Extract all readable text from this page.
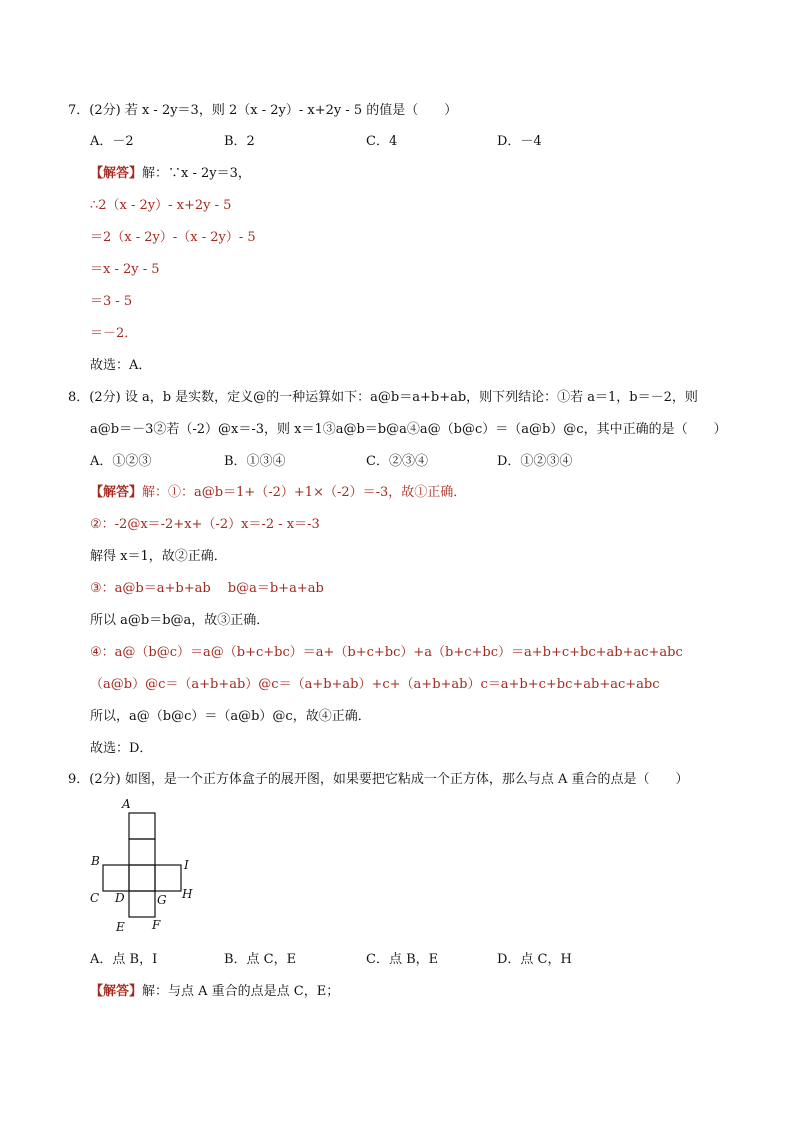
7．(2分) 若 x - 2y＝3，则 2（x - 2y）- x+2y - 5 的值是（　　）
A．－2	B．2	C．4	D．－4
【解答】解：∵x - 2y＝3，
∴2（x - 2y）- x+2y - 5
＝2（x - 2y）-（x - 2y）- 5
＝x - 2y - 5
＝3 - 5
＝－2．
故选：A．
8．(2分) 设 a，b 是实数，定义@的一种运算如下：a@b＝a+b+ab，则下列结论：①若 a＝1，b＝－2，则
a@b＝－3②若（-2）@x＝-3，则 x＝1③a@b＝b@a④a@（b@c）＝（a@b）@c，其中正确的是（　　）
A．①②③	B．①③④	C．②③④	D．①②③④
【解答】解：①：a@b＝1+（-2）+1×（-2）＝-3，故①正确．
②：-2@x＝-2+x+（-2）x＝-2 - x＝-3
解得 x＝1，故②正确．
③：a@b＝a+b+ab　 b@a＝b+a+ab
所以 a@b＝b@a，故③正确．
④：a@（b@c）＝a@（b+c+bc）＝a+（b+c+bc）+a（b+c+bc）＝a+b+c+bc+ab+ac+abc
（a@b）@c＝（a+b+ab）@c＝（a+b+ab）+c+（a+b+ab）c＝a+b+c+bc+ab+ac+abc
所以，a@（b@c）＝（a@b）@c，故④正确．
故选：D．
9．(2分) 如图，是一个正方体盒子的展开图，如果要把它粘成一个正方体，那么与点 A 重合的点是（　　）
A
B	I
C D	G H
E F
A．点 B，I	B．点 C，E	C．点 B，E	D．点 C，H
【解答】解：与点 A 重合的点是点 C，E；
